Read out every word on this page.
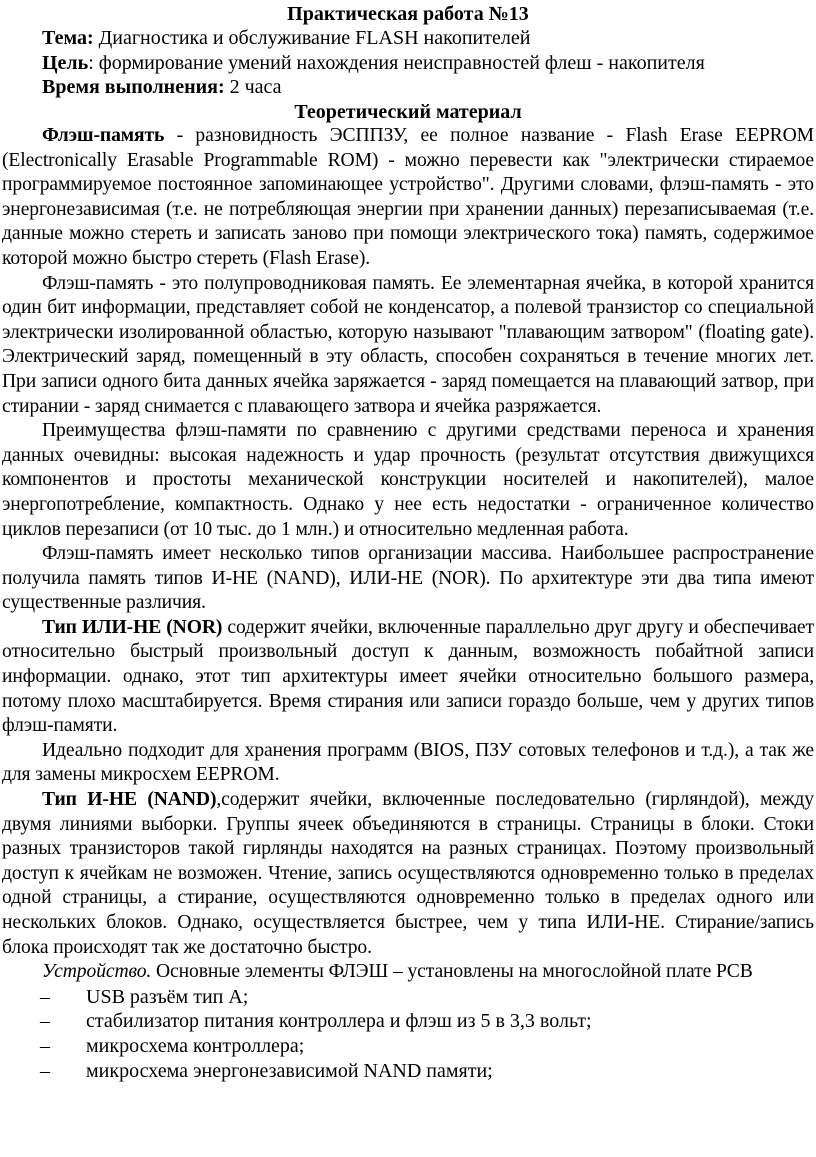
Практическая работа №13
Тема: Диагностика и обслуживание FLASH накопителей
Цель: формирование умений нахождения неисправностей флеш - накопителя
Время выполнения: 2 часа
Теоретический материал

Флэш-память - разновидность ЭСППЗУ, ее полное название - Flash Erase EEPROM (Electronically Erasable Programmable ROM) - можно перевести как "электрически стираемое программируемое постоянное запоминающее устройство". Другими словами, флэш-память - это энергонезависимая (т.е. не потребляющая энергии при хранении данных) перезаписываемая (т.е. данные можно стереть и записать заново при помощи электрического тока) память, содержимое которой можно быстро стереть (Flash Erase).

Флэш-память - это полупроводниковая память. Ее элементарная ячейка, в которой хранится один бит информации, представляет собой не конденсатор, а полевой транзистор со специальной электрически изолированной областью, которую называют "плавающим затвором" (floating gate). Электрический заряд, помещенный в эту область, способен сохраняться в течение многих лет. При записи одного бита данных ячейка заряжается - заряд помещается на плавающий затвор, при стирании - заряд снимается с плавающего затвора и ячейка разряжается.

Преимущества флэш-памяти по сравнению с другими средствами переноса и хранения данных очевидны: высокая надежность и удар прочность (результат отсутствия движущихся компонентов и простоты механической конструкции носителей и накопителей), малое энергопотребление, компактность. Однако у нее есть недостатки - ограниченное количество циклов перезаписи (от 10 тыс. до 1 млн.) и относительно медленная работа.

Флэш-память имеет несколько типов организации массива. Наибольшее распространение получила память типов И-НЕ (NAND), ИЛИ-НЕ (NOR). По архитектуре эти два типа имеют существенные различия.

Тип ИЛИ-НЕ (NOR) содержит ячейки, включенные параллельно друг другу и обеспечивает относительно быстрый произвольный доступ к данным, возможность побайтной записи информации. однако, этот тип архитектуры имеет ячейки относительно большого размера, потому плохо масштабируется. Время стирания или записи гораздо больше, чем у других типов флэш-памяти.

Идеально подходит для хранения программ (BIOS, ПЗУ сотовых телефонов и т.д.), а так же для замены микросхем EEPROM.

Тип И-НЕ (NAND),содержит ячейки, включенные последовательно (гирляндой), между двумя линиями выборки. Группы ячеек объединяются в страницы. Страницы в блоки. Стоки разных транзисторов такой гирлянды находятся на разных страницах. Поэтому произвольный доступ к ячейкам не возможен. Чтение, запись осуществляются одновременно только в пределах одной страницы, а стирание, осуществляются одновременно только в пределах одного или нескольких блоков. Однако, осуществляется быстрее, чем у типа ИЛИ-НЕ. Стирание/запись блока происходят так же достаточно быстро.

Устройство. Основные элементы ФЛЭШ – установлены на многослойной плате PCB

– USB разъём тип А;
– стабилизатор питания контроллера и флэш из 5 в 3,3 вольт;
– микросхема контроллера;
– микросхема энергонезависимой NAND памяти;
